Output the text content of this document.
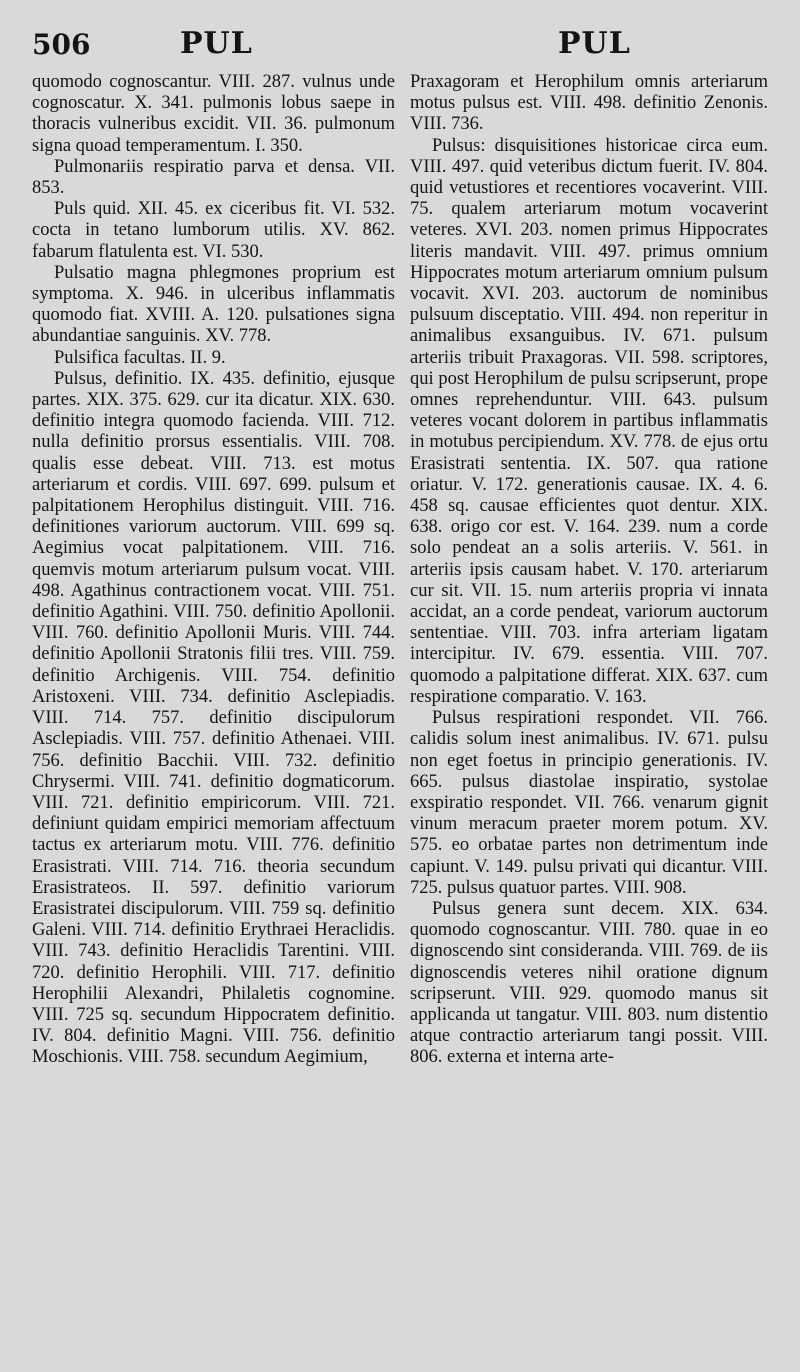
506	PUL	PUL

quomodo cognoscantur. VIII. 287. vulnus unde cognoscatur. X. 341. pulmonis lobus saepe in thoracis vulneribus excidit. VII. 36. pulmonum signa quoad temperamentum. I. 350.

Pulmonariis respiratio parva et densa. VII. 853.

Puls quid. XII. 45. ex ciceribus fit. VI. 532. cocta in tetano lumborum utilis. XV. 862. fabarum flatulenta est. VI. 530.

Pulsatio magna phlegmones proprium est symptoma. X. 946. in ulceribus inflammatis quomodo fiat. XVIII. A. 120. pulsationes signa abundantiae sanguinis. XV. 778.

Pulsifica facultas. II. 9.

Pulsus, definitio. IX. 435. definitio, ejusque partes. XIX. 375. 629. cur ita dicatur. XIX. 630. definitio integra quomodo facienda. VIII. 712. nulla definitio prorsus essentialis. VIII. 708. qualis esse debeat. VIII. 713. est motus arteriarum et cordis. VIII. 697. 699. pulsum et palpitationem Herophilus distinguit. VIII. 716. definitiones variorum auctorum. VIII. 699 sq. Aegimius vocat palpitationem. VIII. 716. quemvis motum arteriarum pulsum vocat. VIII. 498. Agathinus contractionem vocat. VIII. 751. definitio Agathini. VIII. 750. definitio Apollonii. VIII. 760. definitio Apollonii Muris. VIII. 744. definitio Apollonii Stratonis filii tres. VIII. 759. definitio Archigenis. VIII. 754. definitio Aristoxeni. VIII. 734. definitio Asclepiadis. VIII. 714. 757. definitio discipulorum Asclepiadis. VIII. 757. definitio Athenaei. VIII. 756. definitio Bacchii. VIII. 732. definitio Chrysermi. VIII. 741. definitio dogmaticorum. VIII. 721. definitio empiricorum. VIII. 721. definiunt quidam empirici memoriam affectuum tactus ex arteriarum motu. VIII. 776. definitio Erasistrati. VIII. 714. 716. theoria secundum Erasistrateos. II. 597. definitio variorum Erasistratei discipulorum. VIII. 759 sq. definitio Galeni. VIII. 714. definitio Erythraei Heraclidis. VIII. 743. definitio Heraclidis Tarentini. VIII. 720. definitio Herophili. VIII. 717. definitio Herophilii Alexandri, Philaletis cognomine. VIII. 725 sq. secundum Hippocratem definitio. IV. 804. definitio Magni. VIII. 756. definitio Moschionis. VIII. 758. secundum Aegimium,

Praxagoram et Herophilum omnis arteriarum motus pulsus est. VIII. 498. definitio Zenonis. VIII. 736.

Pulsus: disquisitiones historicae circa eum. VIII. 497. quid veteribus dictum fuerit. IV. 804. quid vetustiores et recentiores vocaverint. VIII. 75. qualem arteriarum motum vocaverint veteres. XVI. 203. nomen primus Hippocrates literis mandavit. VIII. 497. primus omnium Hippocrates motum arteriarum omnium pulsum vocavit. XVI. 203. auctorum de nominibus pulsuum disceptatio. VIII. 494. non reperitur in animalibus exsanguibus. IV. 671. pulsum arteriis tribuit Praxagoras. VII. 598. scriptores, qui post Herophilum de pulsu scripserunt, prope omnes reprehenduntur. VIII. 643. pulsum veteres vocant dolorem in partibus inflammatis in motubus percipiendum. XV. 778. de ejus ortu Erasistrati sententia. IX. 507. qua ratione oriatur. V. 172. generationis causae. IX. 4. 6. 458 sq. causae efficientes quot dentur. XIX. 638. origo cor est. V. 164. 239. num a corde solo pendeat an a solis arteriis. V. 561. in arteriis ipsis causam habet. V. 170. arteriarum cur sit. VII. 15. num arteriis propria vi innata accidat, an a corde pendeat, variorum auctorum sententiae. VIII. 703. infra arteriam ligatam intercipitur. IV. 679. essentia. VIII. 707. quomodo a palpitatione differat. XIX. 637. cum respiratione comparatio. V. 163.

Pulsus respirationi respondet. VII. 766. calidis solum inest animalibus. IV. 671. pulsu non eget foetus in principio generationis. IV. 665. pulsus diastolae inspiratio, systolae exspiratio respondet. VII. 766. venarum gignit vinum meracum praeter morem potum. XV. 575. eo orbatae partes non detrimentum inde capiunt. V. 149. pulsu privati qui dicantur. VIII. 725. pulsus quatuor partes. VIII. 908.

Pulsus genera sunt decem. XIX. 634. quomodo cognoscantur. VIII. 780. quae in eo dignoscendo sint consideranda. VIII. 769. de iis dignoscendis veteres nihil oratione dignum scripserunt. VIII. 929. quomodo manus sit applicanda ut tangatur. VIII. 803. num distentio atque contractio arteriarum tangi possit. VIII. 806. externa et interna arte-
